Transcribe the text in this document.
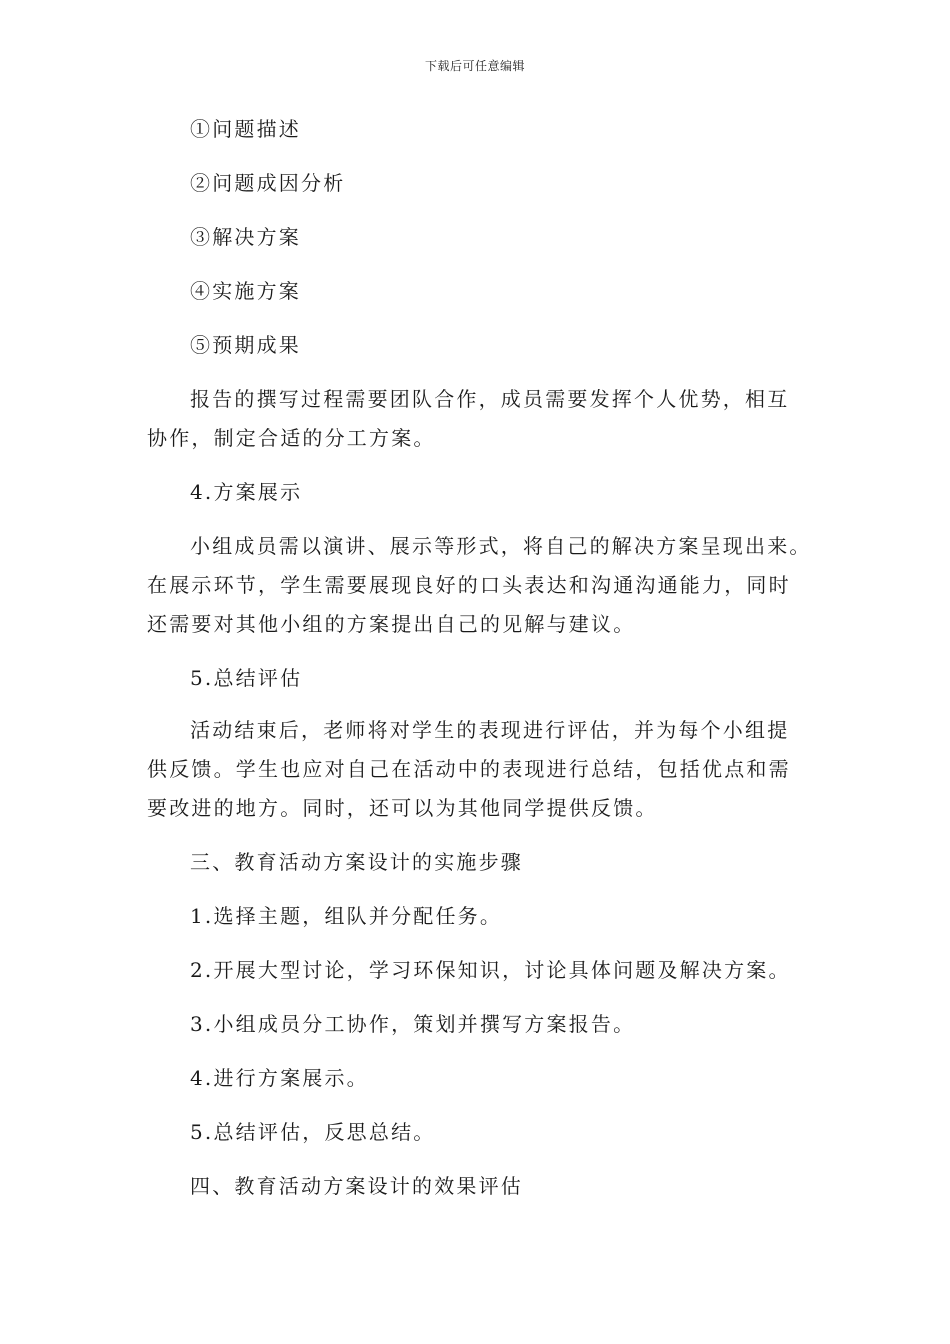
下载后可任意编辑
①问题描述
②问题成因分析
③解决方案
④实施方案
⑤预期成果
报告的撰写过程需要团队合作，成员需要发挥个人优势，相互
协作，制定合适的分工方案。
4.方案展示
小组成员需以演讲、展示等形式，将自己的解决方案呈现出来。
在展示环节，学生需要展现良好的口头表达和沟通沟通能力，同时
还需要对其他小组的方案提出自己的见解与建议。
5.总结评估
活动结束后，老师将对学生的表现进行评估，并为每个小组提
供反馈。学生也应对自己在活动中的表现进行总结，包括优点和需
要改进的地方。同时，还可以为其他同学提供反馈。
三、教育活动方案设计的实施步骤
1.选择主题，组队并分配任务。
2.开展大型讨论，学习环保知识，讨论具体问题及解决方案。
3.小组成员分工协作，策划并撰写方案报告。
4.进行方案展示。
5.总结评估，反思总结。
四、教育活动方案设计的效果评估
